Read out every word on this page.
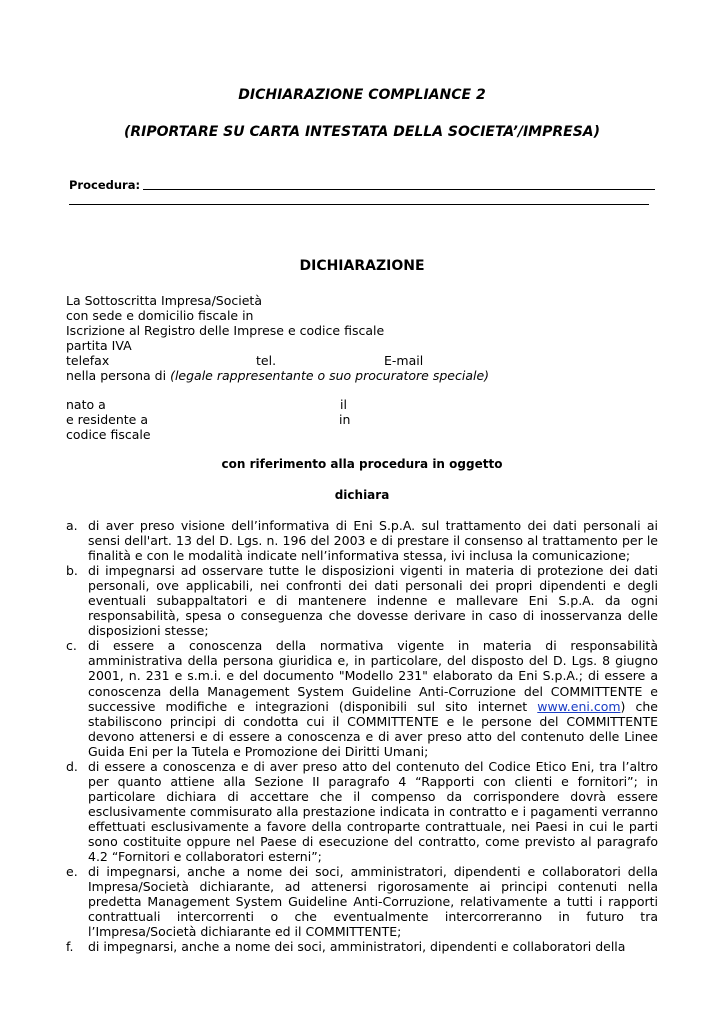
DICHIARAZIONE COMPLIANCE 2
(RIPORTARE SU CARTA INTESTATA DELLA SOCIETA’/IMPRESA)
Procedura:
DICHIARAZIONE
La Sottoscritta Impresa/Società
con sede e domicilio fiscale in
Iscrizione al Registro delle Imprese e codice fiscale
partita IVA
telefax	tel.	E-mail
nella persona di (legale rappresentante o suo procuratore speciale)
nato a	il
e residente a	in
codice fiscale
con riferimento alla procedura in oggetto
dichiara
a. di aver preso visione dell’informativa di Eni S.p.A. sul trattamento dei dati personali ai sensi dell'art. 13 del D. Lgs. n. 196 del 2003 e di prestare il consenso al trattamento per le finalità e con le modalità indicate nell’informativa stessa, ivi inclusa la comunicazione;
b. di impegnarsi ad osservare tutte le disposizioni vigenti in materia di protezione dei dati personali, ove applicabili, nei confronti dei dati personali dei propri dipendenti e degli eventuali subappaltatori e di mantenere indenne e mallevare Eni S.p.A. da ogni responsabilità, spesa o conseguenza che dovesse derivare in caso di inosservanza delle disposizioni stesse;
c. di essere a conoscenza della normativa vigente in materia di responsabilità amministrativa della persona giuridica e, in particolare, del disposto del D. Lgs. 8 giugno 2001, n. 231 e s.m.i. e del documento "Modello 231" elaborato da Eni S.p.A.; di essere a conoscenza della Management System Guideline Anti-Corruzione del COMMITTENTE e successive modifiche e integrazioni (disponibili sul sito internet www.eni.com) che stabiliscono principi di condotta cui il COMMITTENTE e le persone del COMMITTENTE devono attenersi e di essere a conoscenza e di aver preso atto del contenuto delle Linee Guida Eni per la Tutela e Promozione dei Diritti Umani;
d. di essere a conoscenza e di aver preso atto del contenuto del Codice Etico Eni, tra l’altro per quanto attiene alla Sezione II paragrafo 4 “Rapporti con clienti e fornitori”; in particolare dichiara di accettare che il compenso da corrispondere dovrà essere esclusivamente commisurato alla prestazione indicata in contratto e i pagamenti verranno effettuati esclusivamente a favore della controparte contrattuale, nei Paesi in cui le parti sono costituite oppure nel Paese di esecuzione del contratto, come previsto al paragrafo 4.2 “Fornitori e collaboratori esterni”;
e. di impegnarsi, anche a nome dei soci, amministratori, dipendenti e collaboratori della Impresa/Società dichiarante, ad attenersi rigorosamente ai principi contenuti nella predetta Management System Guideline Anti-Corruzione, relativamente a tutti i rapporti contrattuali intercorrenti o che eventualmente intercorreranno in futuro tra l’Impresa/Società dichiarante ed il COMMITTENTE;
f. di impegnarsi, anche a nome dei soci, amministratori, dipendenti e collaboratori della
